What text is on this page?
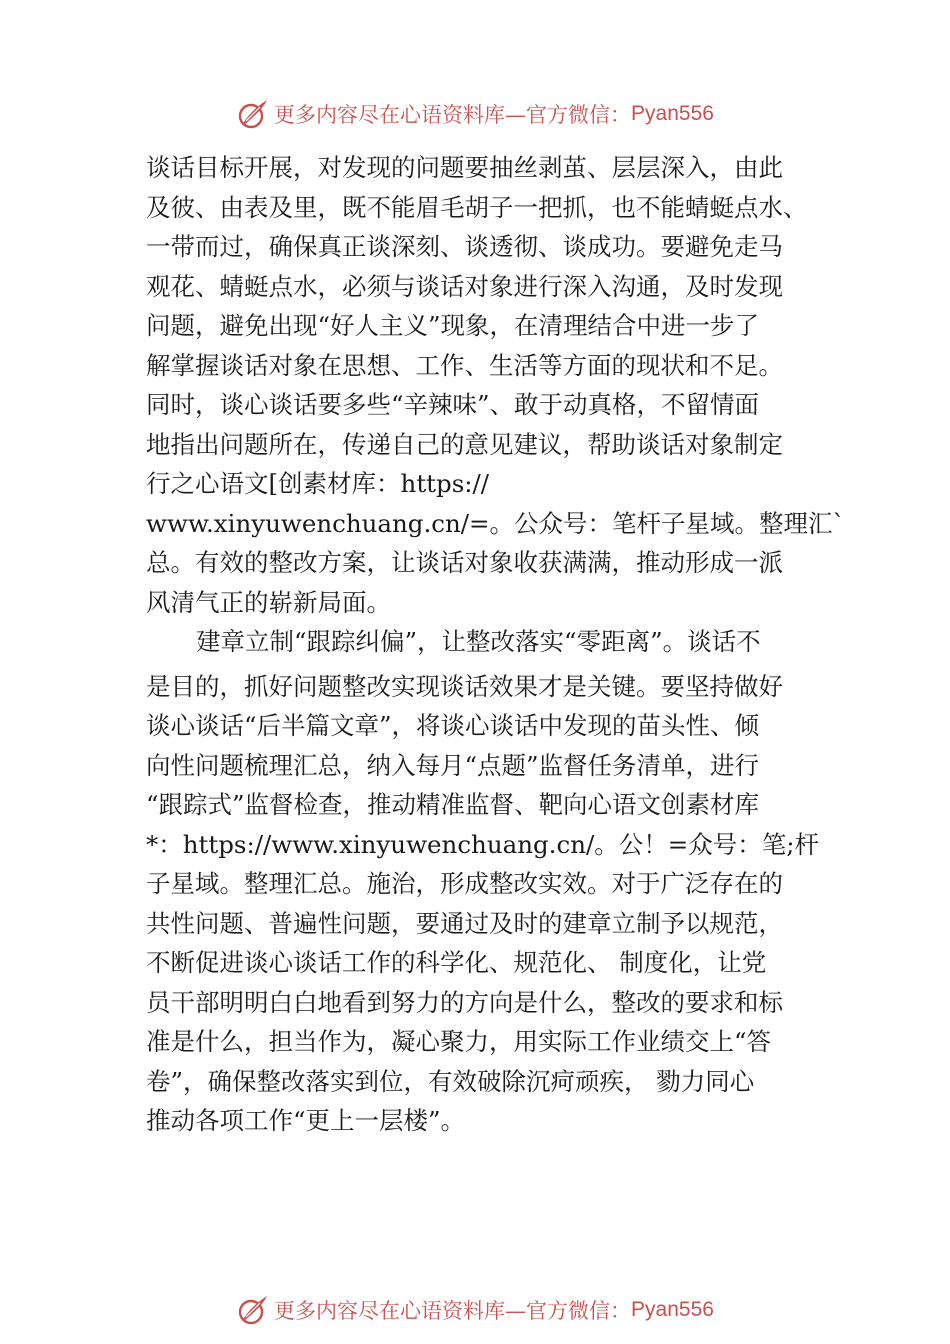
更多内容尽在心语资料库—官方微信： Pyan556
谈话目标开展，对发现的问题要抽丝剥茧、层层深入，由此
及彼、由表及里，既不能眉毛胡子一把抓，也不能蜻蜓点水、
一带而过，确保真正谈深刻、谈透彻、谈成功。要避免走马
观花、蜻蜓点水，必须与谈话对象进行深入沟通，及时发现
问题，避免出现“好人主义”现象，在清理结合中进一步了
解掌握谈话对象在思想、工作、生活等方面的现状和不足。
同时，谈心谈话要多些“辛辣味”、敢于动真格，不留情面
地指出问题所在，传递自己的意见建议，帮助谈话对象制定
行之心语文[创素材库：https://
www.xinyuwenchuang.cn/=。公众号：笔杆子星域。整理汇`
总。有效的整改方案，让谈话对象收获满满，推动形成一派
风清气正的崭新局面。
建章立制“跟踪纠偏”，让整改落实“零距离”。谈话不
是目的，抓好问题整改实现谈话效果才是关键。要坚持做好
谈心谈话“后半篇文章”，将谈心谈话中发现的苗头性、倾
向性问题梳理汇总，纳入每月“点题”监督任务清单，进行
“跟踪式”监督检查，推动精准监督、靶向心语文创素材库
*：https://www.xinyuwenchuang.cn/。公！=众号：笔;杆
子星域。整理汇总。施治，形成整改实效。对于广泛存在的
共性问题、普遍性问题，要通过及时的建章立制予以规范，
不断促进谈心谈话工作的科学化、规范化、 制度化，让党
员干部明明白白地看到努力的方向是什么，整改的要求和标
准是什么，担当作为，凝心聚力，用实际工作业绩交上“答
卷”，确保整改落实到位，有效破除沉疴顽疾， 勠力同心
推动各项工作“更上一层楼”。
更多内容尽在心语资料库—官方微信： Pyan556
